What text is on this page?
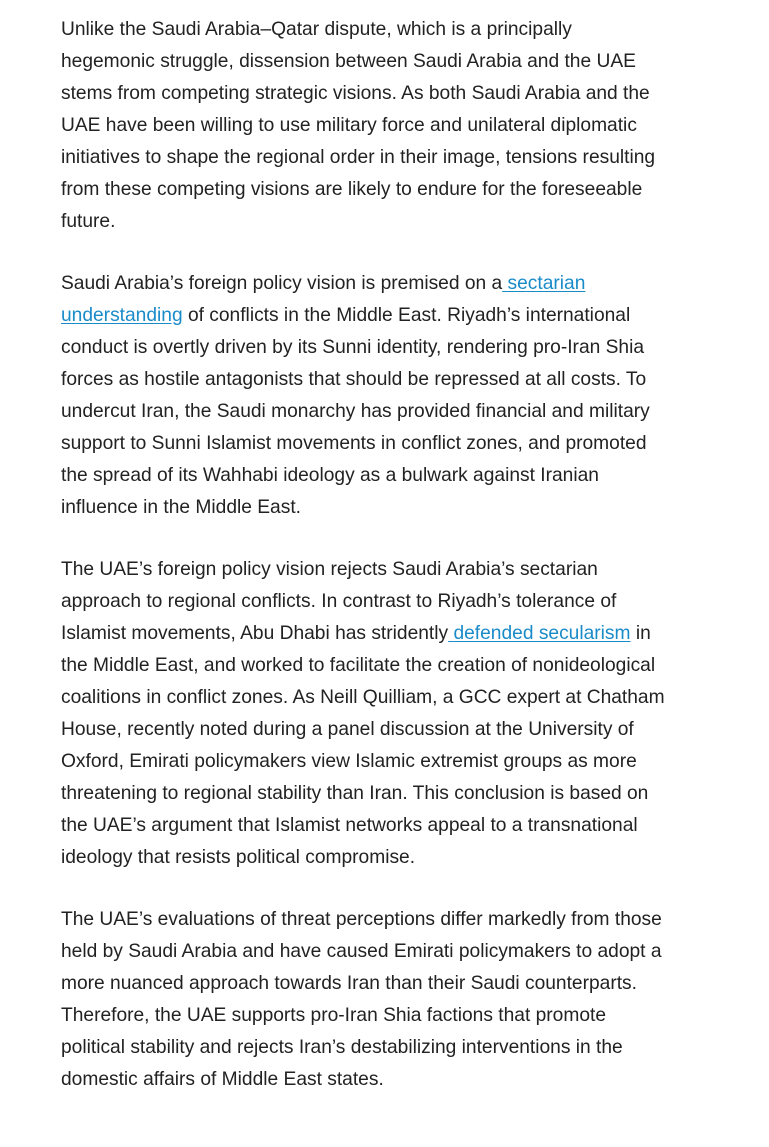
Unlike the Saudi Arabia–Qatar dispute, which is a principally hegemonic struggle, dissension between Saudi Arabia and the UAE stems from competing strategic visions. As both Saudi Arabia and the UAE have been willing to use military force and unilateral diplomatic initiatives to shape the regional order in their image, tensions resulting from these competing visions are likely to endure for the foreseeable future.

Saudi Arabia’s foreign policy vision is premised on a sectarian understanding of conflicts in the Middle East. Riyadh’s international conduct is overtly driven by its Sunni identity, rendering pro-Iran Shia forces as hostile antagonists that should be repressed at all costs. To undercut Iran, the Saudi monarchy has provided financial and military support to Sunni Islamist movements in conflict zones, and promoted the spread of its Wahhabi ideology as a bulwark against Iranian influence in the Middle East.

The UAE’s foreign policy vision rejects Saudi Arabia’s sectarian approach to regional conflicts. In contrast to Riyadh’s tolerance of Islamist movements, Abu Dhabi has stridently defended secularism in the Middle East, and worked to facilitate the creation of nonideological coalitions in conflict zones. As Neill Quilliam, a GCC expert at Chatham House, recently noted during a panel discussion at the University of Oxford, Emirati policymakers view Islamic extremist groups as more threatening to regional stability than Iran. This conclusion is based on the UAE’s argument that Islamist networks appeal to a transnational ideology that resists political compromise.

The UAE’s evaluations of threat perceptions differ markedly from those held by Saudi Arabia and have caused Emirati policymakers to adopt a more nuanced approach towards Iran than their Saudi counterparts. Therefore, the UAE supports pro-Iran Shia factions that promote political stability and rejects Iran’s destabilizing interventions in the domestic affairs of Middle East states.
